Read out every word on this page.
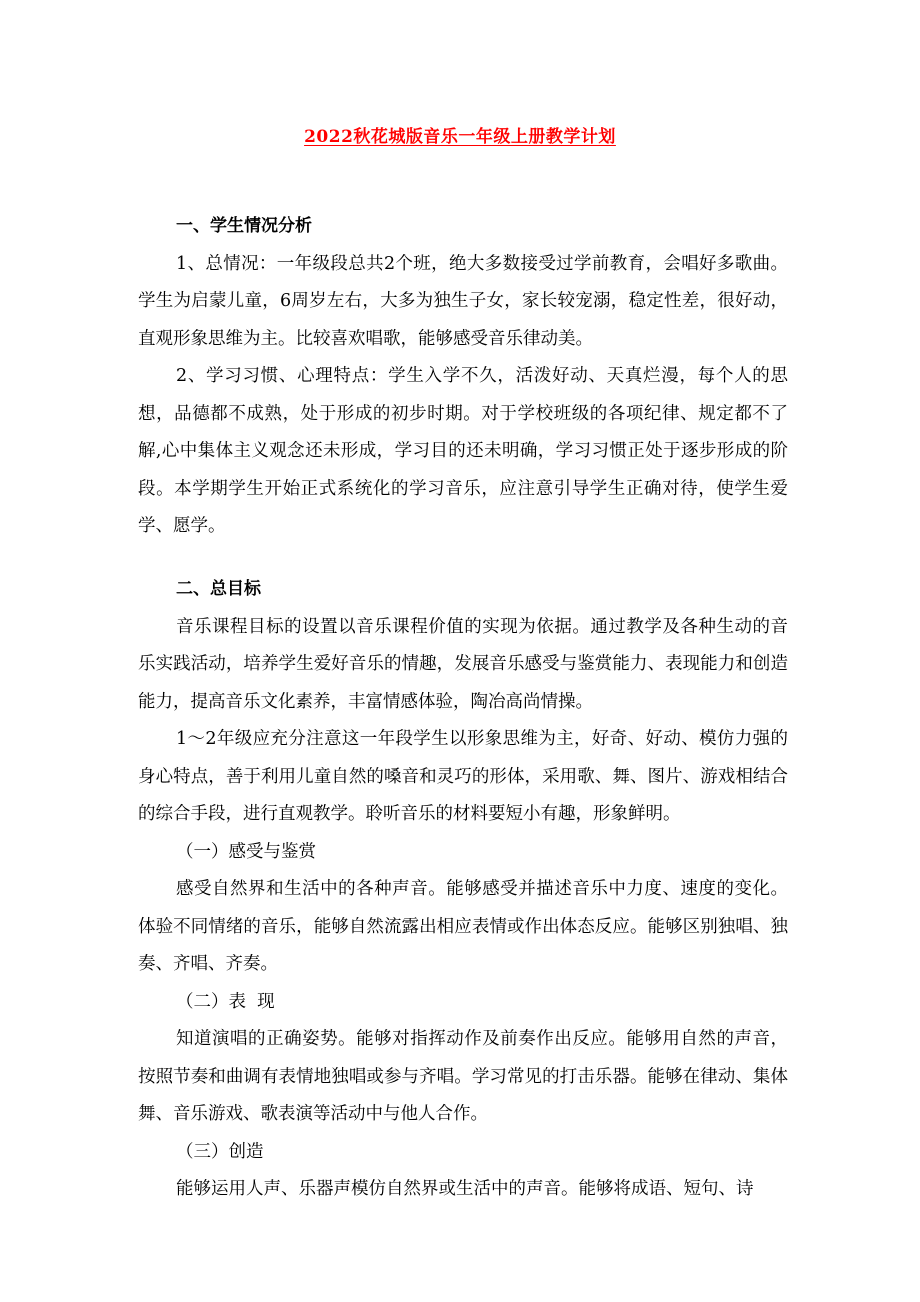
2022秋花城版音乐一年级上册教学计划
一、学生情况分析

1、总情况：一年级段总共2个班，绝大多数接受过学前教育，会唱好多歌曲。学生为启蒙儿童，6周岁左右，大多为独生子女，家长较宠溺，稳定性差，很好动，直观形象思维为主。比较喜欢唱歌，能够感受音乐律动美。

2、学习习惯、心理特点：学生入学不久，活泼好动、天真烂漫，每个人的思想，品德都不成熟，处于形成的初步时期。对于学校班级的各项纪律、规定都不了解,心中集体主义观念还未形成，学习目的还未明确，学习习惯正处于逐步形成的阶段。本学期学生开始正式系统化的学习音乐，应注意引导学生正确对待，使学生爱学、愿学。

二、总目标

音乐课程目标的设置以音乐课程价值的实现为依据。通过教学及各种生动的音乐实践活动，培养学生爱好音乐的情趣，发展音乐感受与鉴赏能力、表现能力和创造能力，提高音乐文化素养，丰富情感体验，陶冶高尚情操。

1～2年级应充分注意这一年段学生以形象思维为主，好奇、好动、模仿力强的身心特点，善于利用儿童自然的嗓音和灵巧的形体，采用歌、舞、图片、游戏相结合的综合手段，进行直观教学。聆听音乐的材料要短小有趣，形象鲜明。

（一）感受与鉴赏

感受自然界和生活中的各种声音。能够感受并描述音乐中力度、速度的变化。体验不同情绪的音乐，能够自然流露出相应表情或作出体态反应。能够区别独唱、独奏、齐唱、齐奏。

（二）表  现

知道演唱的正确姿势。能够对指挥动作及前奏作出反应。能够用自然的声音，按照节奏和曲调有表情地独唱或参与齐唱。学习常见的打击乐器。能够在律动、集体舞、音乐游戏、歌表演等活动中与他人合作。

（三）创造

能够运用人声、乐器声模仿自然界或生活中的声音。能够将成语、短句、诗
